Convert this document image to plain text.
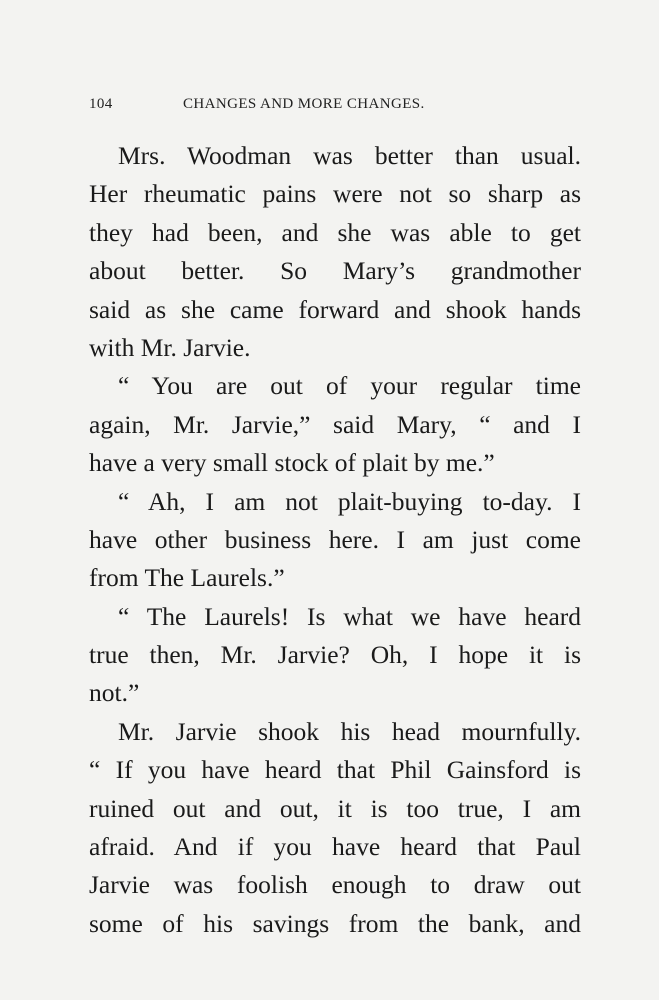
104	CHANGES AND MORE CHANGES.
Mrs. Woodman was better than usual.
Her rheumatic pains were not so sharp as
they had been, and she was able to get
about better. So Mary’s grandmother
said as she came forward and shook hands
with Mr. Jarvie.
“ You are out of your regular time
again, Mr. Jarvie,” said Mary, “ and I
have a very small stock of plait by me.”
“ Ah, I am not plait-buying to-day. I
have other business here. I am just come
from The Laurels.”
“ The Laurels! Is what we have heard
true then, Mr. Jarvie? Oh, I hope it is
not.”
Mr. Jarvie shook his head mournfully.
“ If you have heard that Phil Gainsford is
ruined out and out, it is too true, I am
afraid. And if you have heard that Paul
Jarvie was foolish enough to draw out
some of his savings from the bank, and
